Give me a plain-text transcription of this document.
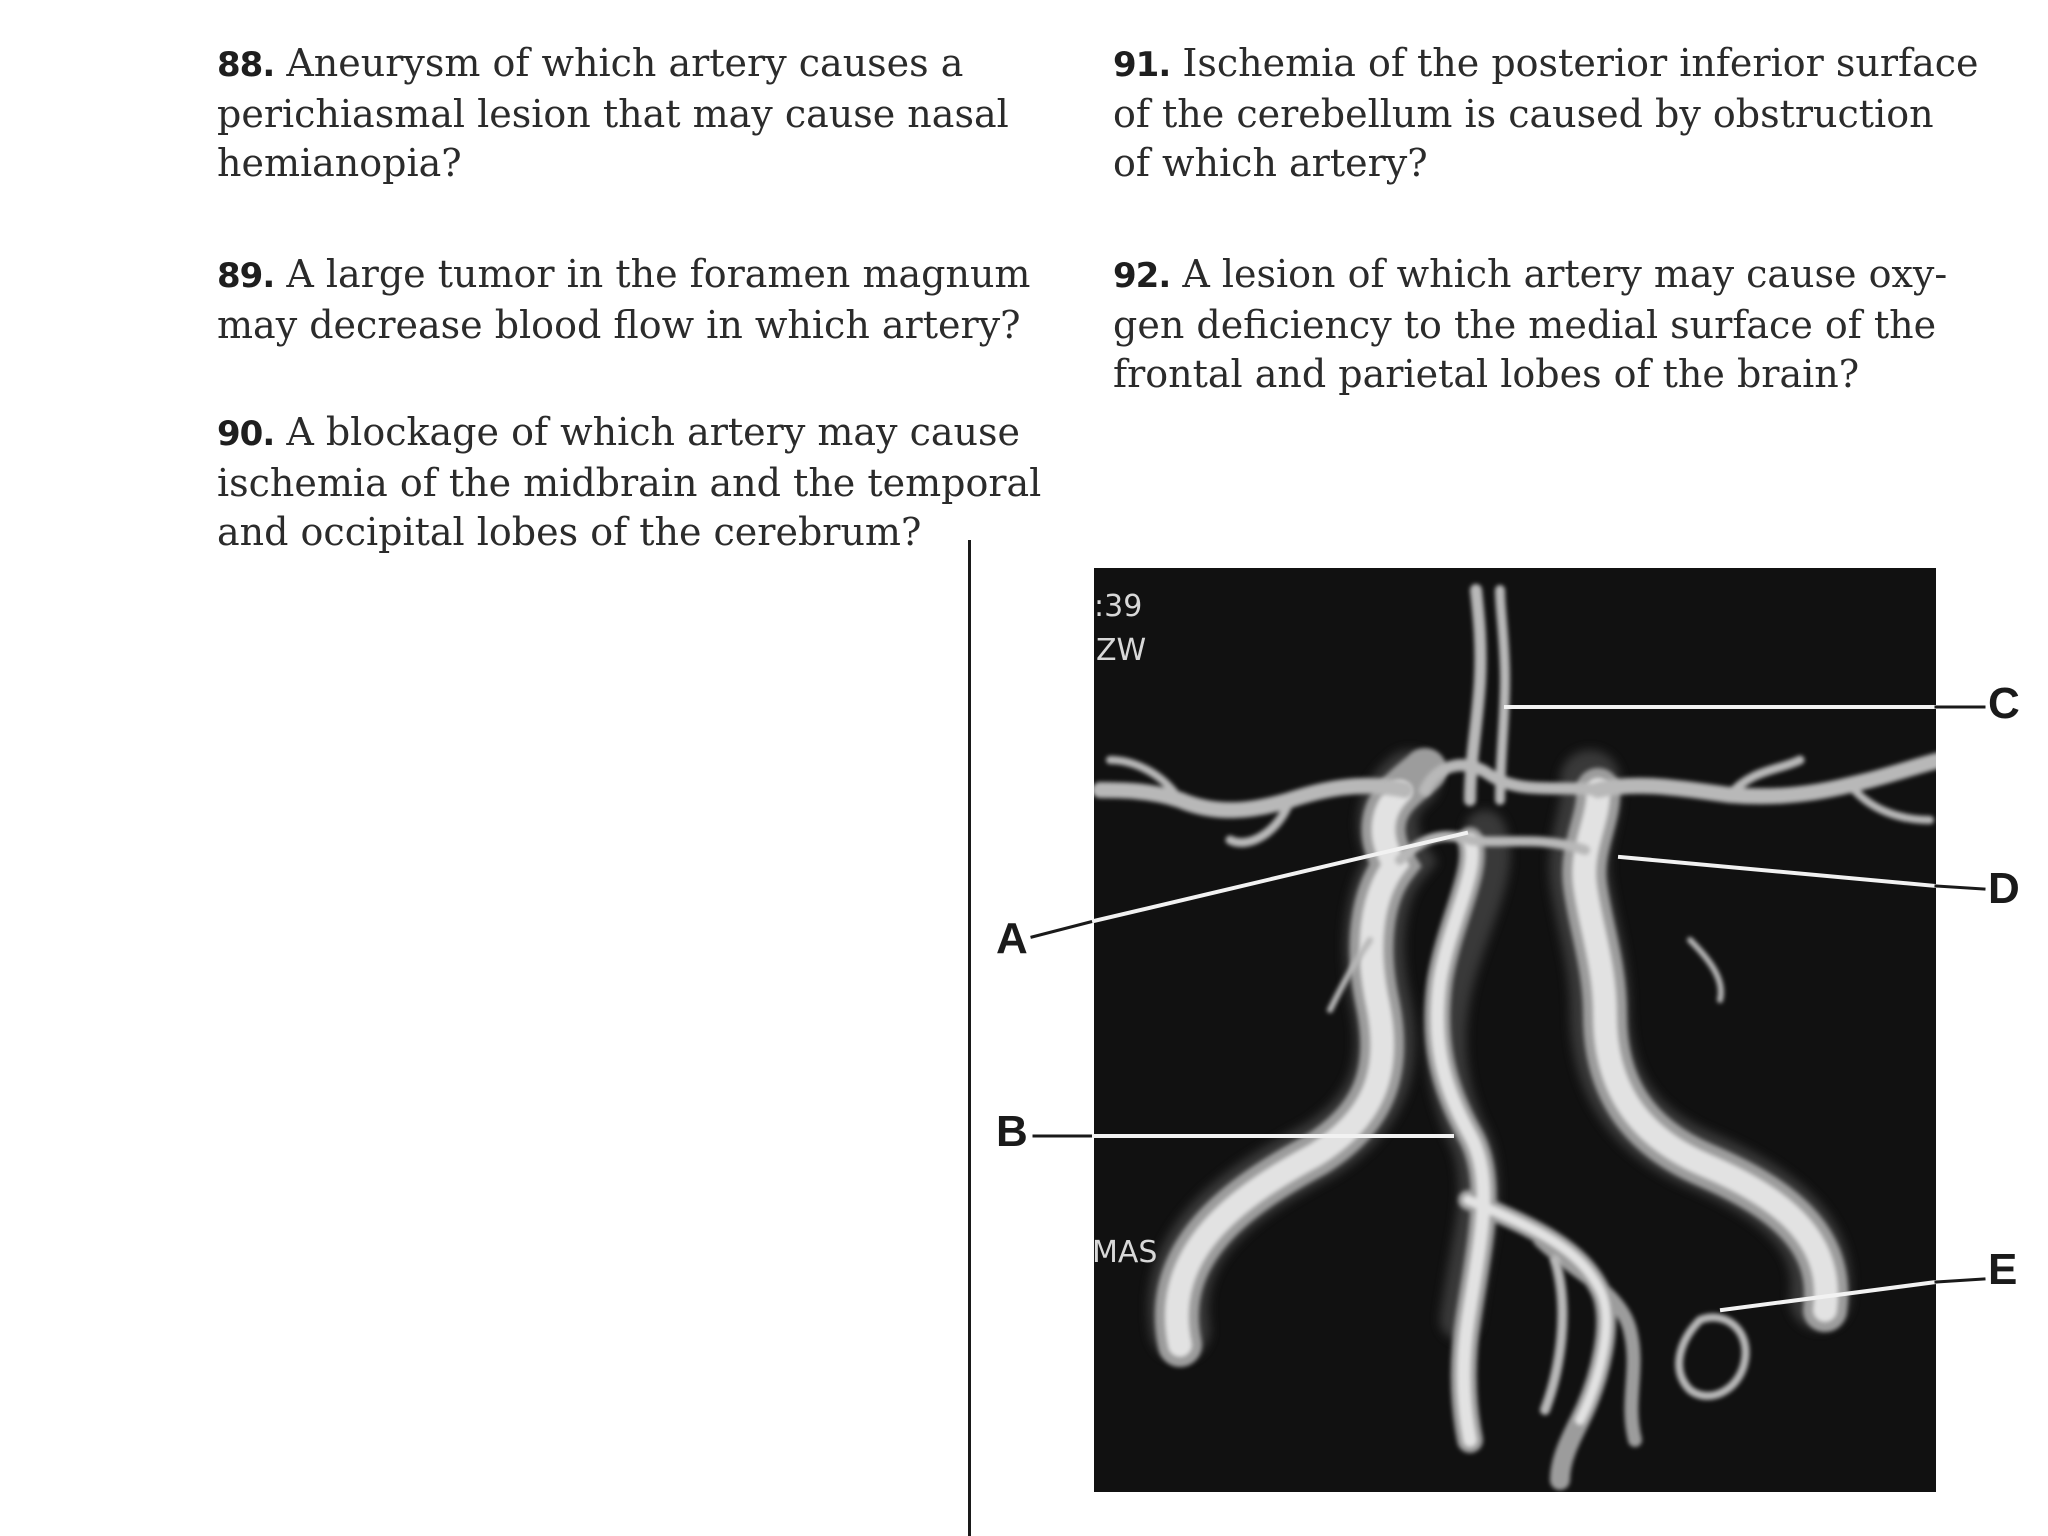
88. Aneurysm of which artery causes a
perichiasmal lesion that may cause nasal
hemianopia?

89. A large tumor in the foramen magnum
may decrease blood flow in which artery?

90. A blockage of which artery may cause
ischemia of the midbrain and the temporal
and occipital lobes of the cerebrum?

91. Ischemia of the posterior inferior surface
of the cerebellum is caused by obstruction
of which artery?

92. A lesion of which artery may cause oxy-
gen deficiency to the medial surface of the
frontal and parietal lobes of the brain?

:39
ZW
MAS
A
B
C
D
E
